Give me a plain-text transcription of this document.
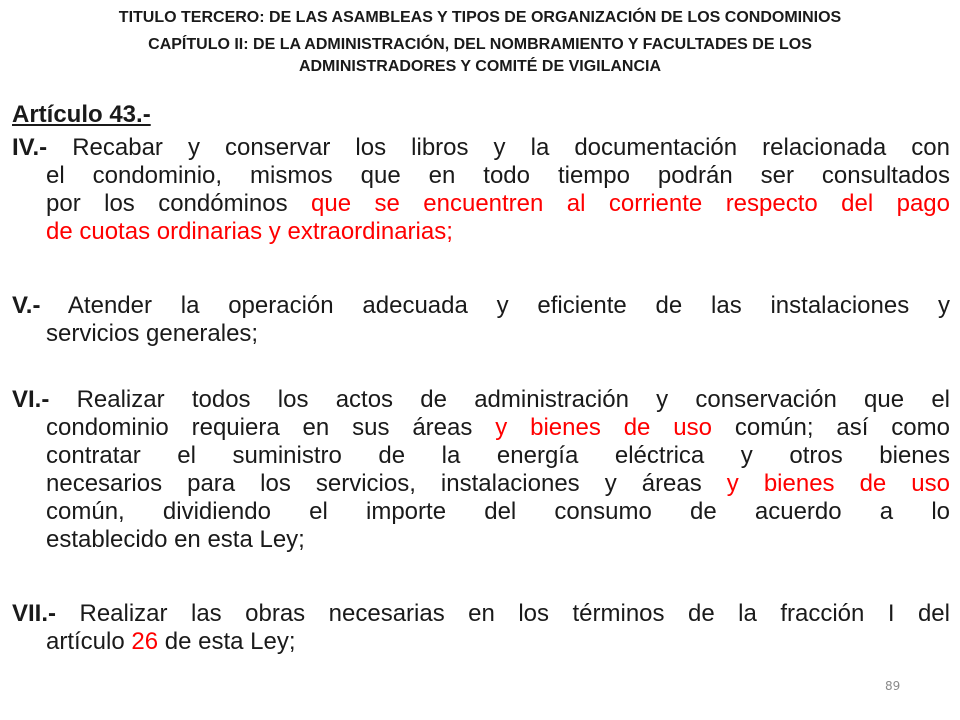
TITULO TERCERO: DE LAS ASAMBLEAS Y TIPOS DE ORGANIZACIÓN DE LOS CONDOMINIOS
CAPÍTULO II: DE LA ADMINISTRACIÓN, DEL NOMBRAMIENTO Y FACULTADES DE LOS
ADMINISTRADORES Y COMITÉ DE VIGILANCIA
Artículo 43.-
IV.- Recabar y conservar los libros y la documentación relacionada con
el condominio, mismos que en todo tiempo podrán ser consultados
por los condóminos que se encuentren al corriente respecto del pago
de cuotas ordinarias y extraordinarias;
V.- Atender la operación adecuada y eficiente de las instalaciones y
servicios generales;
VI.- Realizar todos los actos de administración y conservación que el
condominio requiera en sus áreas y bienes de uso común; así como
contratar el suministro de la energía eléctrica y otros bienes
necesarios para los servicios, instalaciones y áreas y bienes de uso
común, dividiendo el importe del consumo de acuerdo a lo
establecido en esta Ley;
VII.- Realizar las obras necesarias en los términos de la fracción I del
artículo 26 de esta Ley;
89
